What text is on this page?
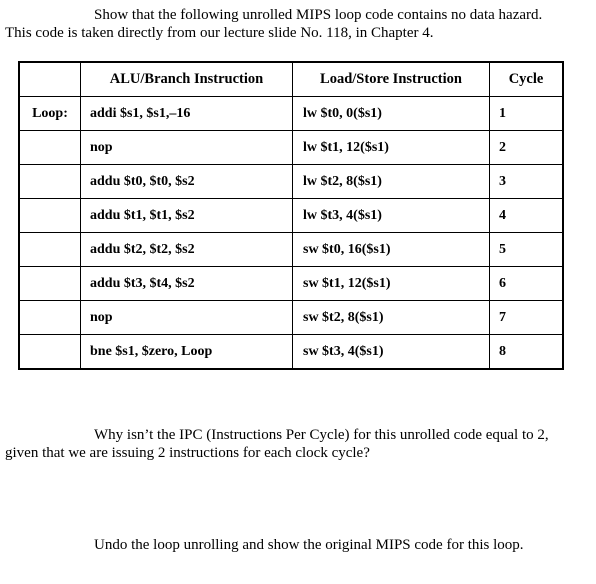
Show that the following unrolled MIPS loop code contains no data hazard.
This code is taken directly from our lecture slide No. 118, in Chapter 4.
	ALU/Branch Instruction	Load/Store Instruction	Cycle
Loop:	addi $s1, $s1,–16	lw $t0, 0($s1)	1
	nop	lw $t1, 12($s1)	2
	addu $t0, $t0, $s2	lw $t2, 8($s1)	3
	addu $t1, $t1, $s2	lw $t3, 4($s1)	4
	addu $t2, $t2, $s2	sw $t0, 16($s1)	5
	addu $t3, $t4, $s2	sw $t1, 12($s1)	6
	nop	sw $t2, 8($s1)	7
	bne $s1, $zero, Loop	sw $t3, 4($s1)	8
Why isn’t the IPC (Instructions Per Cycle) for this unrolled code equal to 2,
given that we are issuing 2 instructions for each clock cycle?
Undo the loop unrolling and show the original MIPS code for this loop.
